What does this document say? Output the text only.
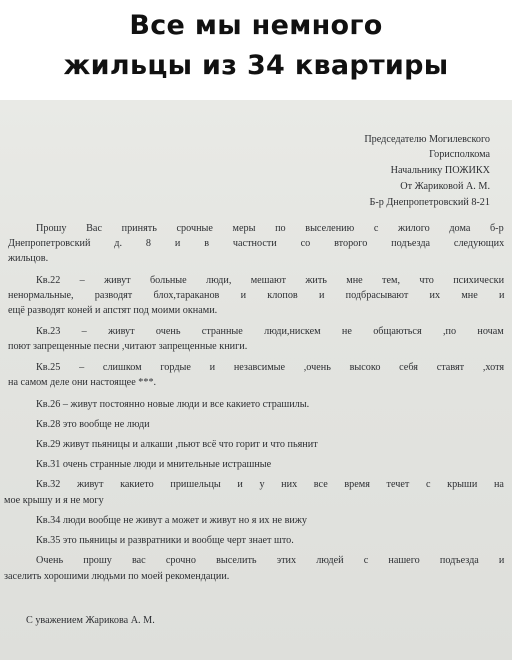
Все мы немного
жильцы из 34 квартиры
Председателю Могилевского
Горисполкома
Начальнику ПОЖИКХ
От Жариковой А. М.
Б-р Днепропетровский 8-21
Прошу Вас принять срочные меры по выселению с жилого дома б-р
Днепропетровский д. 8 и в частности со второго подъезда следующих
жильцов.
Кв.22 – живут больные люди, мешают жить мне тем, что психически
ненормальные, разводят блох,тараканов и клопов и подбрасывают их мне и
ещё разводят коней и апстят под моими окнами.
Кв.23 – живут очень странные люди,нискем не общаються ,по ночам
поют запрещенные песни ,читают запрещенные книги.
Кв.25 – слишком гордые и незавсимые ,очень высоко себя ставят ,хотя
на самом деле они настоящее ***.
Кв.26 – живут постоянно новые люди и все какието страшилы.
Кв.28 это вообще не люди
Кв.29 живут пьяницы и алкаши ,пьют всё что горит и что пьянит
Кв.31 очень странные люди и мнительные истрашные
Кв.32 живут какието пришельцы и у них все время течет с крыши на
мое крышу и я не могу
Кв.34 люди вообще не живут а может и живут но я их не вижу
Кв.35 это пьяницы и развратники и вообще черт знает што.
Очень прошу вас срочно выселить этих людей с нашего подъезда и
заселить хорошими людьми по моей рекомендации.
С уважением Жарикова А. М.
